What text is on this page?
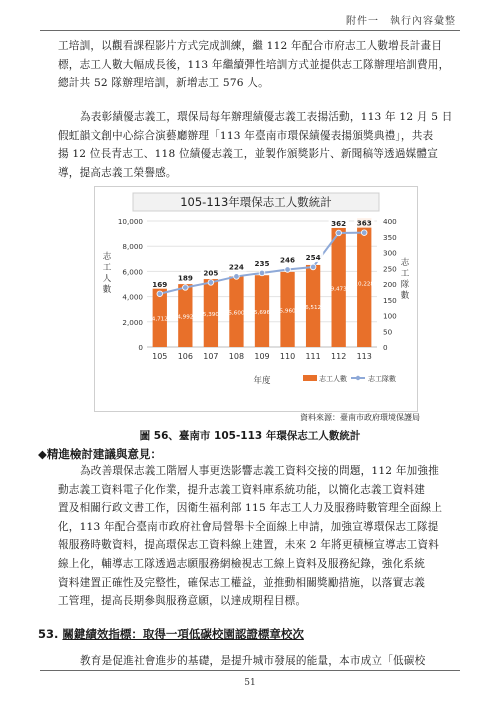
附件一　執行內容彙整
工培訓，以觀看課程影片方式完成訓練，繼 112 年配合市府志工人數增長計畫目
標，志工人數大幅成長後，113 年繼續彈性培訓方式並提供志工隊辦理培訓費用，
總計共 52 隊辦理培訓，新增志工 576 人。
為表彰績優志義工，環保局每年辦理績優志義工表揚活動，113 年 12 月 5 日
假虹韻文創中心綜合演藝廳辦理「113 年臺南市環保績優表揚頒獎典禮」，共表
揚 12 位長青志工、118 位績優志義工，並製作頒獎影片、新聞稿等透過媒體宣
導，提高志義工榮譽感。
105-113年環保志工人數統計
0
2,000
4,000
6,000
8,000
10,000
0
50
100
150
200
250
300
350
400
4,712
105
4,992
106
5,390
107
5,600
108
5,696
109
5,960
110
6,512
111
9,473
112
10,228
113
169
189
205
224 235 246 254
362 363
志
工
人
數
志
工
隊
數
年度	志工人數	志工隊數
資料來源：臺南市政府環境保護局
圖 56、臺南市 105-113 年環保志工人數統計
◆精進檢討建議與意見：
為改善環保志義工階層人事更迭影響志義工資料交接的問題，112 年加強推
動志義工資料電子化作業，提升志義工資料庫系統功能，以簡化志義工資料建
置及相關行政文書工作，因衛生福利部 115 年志工人力及服務時數管理全面線上
化，113 年配合臺南市政府社會局營舉卡全面線上申請，加強宣導環保志工隊提
報服務時數資料，提高環保志工資料線上建置，未來 2 年將更積極宣導志工資料
線上化，輔導志工隊透過志願服務網檢視志工線上資料及服務紀錄，強化系統
資料建置正確性及完整性，確保志工權益，並推動相關獎勵措施，以落實志義
工管理，提高長期參與服務意願，以達成期程目標。
53. 關鍵績效指標：取得一項低碳校園認證標章校次
教育是促進社會進步的基礎，是提升城市發展的能量，本市成立「低碳校
51
